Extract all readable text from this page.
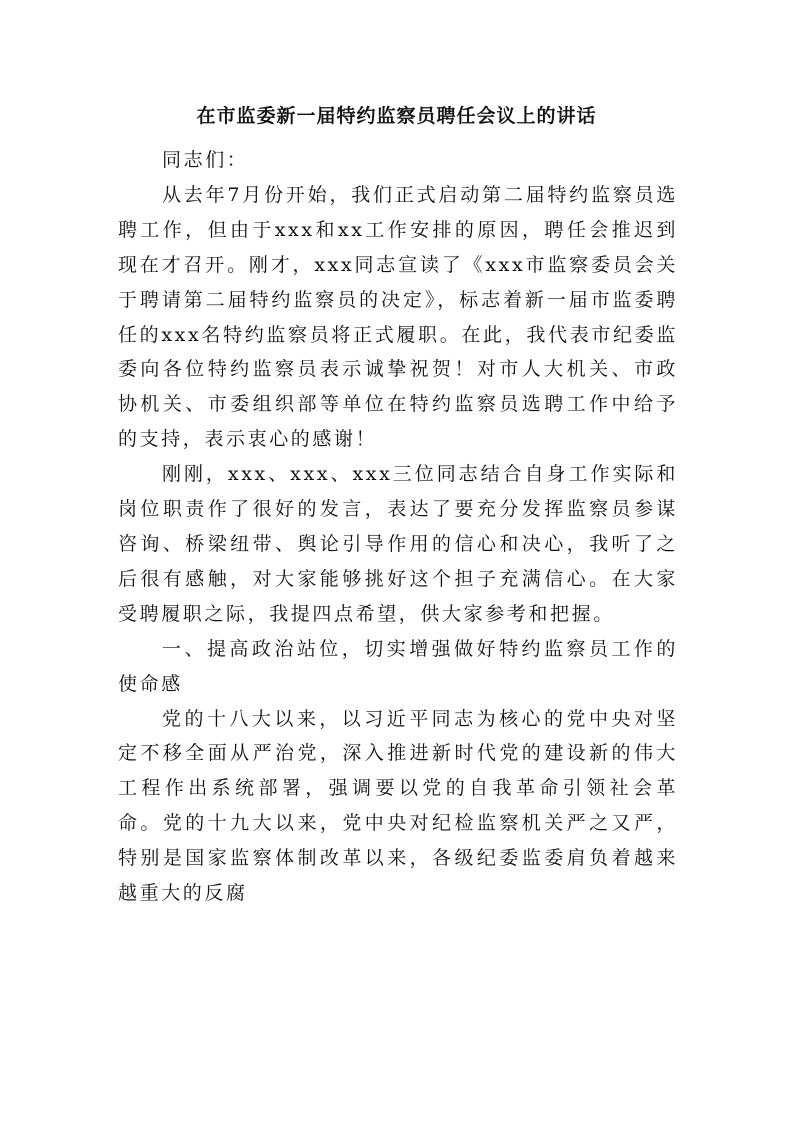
在市监委新一届特约监察员聘任会议上的讲话

同志们：

从去年7月份开始，我们正式启动第二届特约监察员选聘工作，但由于xxx和xx工作安排的原因，聘任会推迟到现在才召开。刚才，xxx同志宣读了《xxx市监察委员会关于聘请第二届特约监察员的决定》，标志着新一届市监委聘任的xxx名特约监察员将正式履职。在此，我代表市纪委监委向各位特约监察员表示诚挚祝贺！对市人大机关、市政协机关、市委组织部等单位在特约监察员选聘工作中给予的支持，表示衷心的感谢！

刚刚，xxx、xxx、xxx三位同志结合自身工作实际和岗位职责作了很好的发言，表达了要充分发挥监察员参谋咨询、桥梁纽带、舆论引导作用的信心和决心，我听了之后很有感触，对大家能够挑好这个担子充满信心。在大家受聘履职之际，我提四点希望，供大家参考和把握。

一、提高政治站位，切实增强做好特约监察员工作的使命感

党的十八大以来，以习近平同志为核心的党中央对坚定不移全面从严治党，深入推进新时代党的建设新的伟大工程作出系统部署，强调要以党的自我革命引领社会革命。党的十九大以来，党中央对纪检监察机关严之又严，特别是国家监察体制改革以来，各级纪委监委肩负着越来越重大的反腐
